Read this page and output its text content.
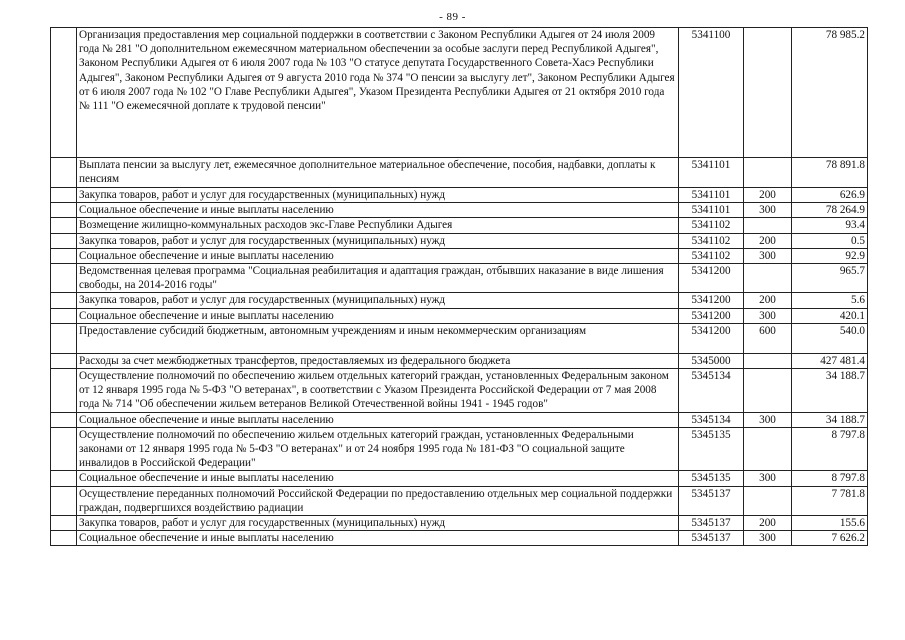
- 89 -
	Организация предоставления мер социальной поддержки в соответствии с Законом Республики Адыгея от 24 июля 2009 года № 281 "О дополнительном ежемесячном материальном обеспечении за особые заслуги перед Республикой Адыгея", Законом Республики Адыгея от 6 июля 2007 года № 103 "О статусе депутата Государственного Совета-Хасэ Республики Адыгея", Законом Республики Адыгея от 9 августа 2010 года № 374 "О пенсии за выслугу лет", Законом Республики Адыгея от 6 июля 2007 года № 102 "О Главе Республики Адыгея", Указом Президента Республики Адыгея от 21 октября 2010 года № 111 "О ежемесячной доплате к трудовой пенсии"	5341100		78 985.2
	Выплата пенсии за выслугу лет, ежемесячное дополнительное материальное обеспечение, пособия, надбавки, доплаты к пенсиям	5341101		78 891.8
	Закупка товаров, работ и услуг для государственных (муниципальных) нужд	5341101	200	626.9
	Социальное обеспечение и иные выплаты населению	5341101	300	78 264.9
	Возмещение жилищно-коммунальных расходов экс-Главе Республики Адыгея	5341102		93.4
	Закупка товаров, работ и услуг для государственных (муниципальных) нужд	5341102	200	0.5
	Социальное обеспечение и иные выплаты населению	5341102	300	92.9
	Ведомственная целевая программа "Социальная реабилитация и адаптация граждан, отбывших наказание в виде лишения свободы, на 2014-2016 годы"	5341200		965.7
	Закупка товаров, работ и услуг для государственных (муниципальных) нужд	5341200	200	5.6
	Социальное обеспечение и иные выплаты населению	5341200	300	420.1
	Предоставление субсидий бюджетным, автономным учреждениям и иным некоммерческим организациям	5341200	600	540.0
	Расходы за счет межбюджетных трансфертов, предоставляемых из федерального бюджета	5345000		427 481.4
	Осуществление полномочий по обеспечению жильем отдельных категорий граждан, установленных Федеральным законом от 12 января 1995 года № 5-ФЗ "О ветеранах", в соответствии с Указом Президента Российской Федерации от 7 мая 2008 года № 714 "Об обеспечении жильем ветеранов Великой Отечественной войны 1941 - 1945 годов"	5345134		34 188.7
	Социальное обеспечение и иные выплаты населению	5345134	300	34 188.7
	Осуществление полномочий по обеспечению жильем отдельных категорий граждан, установленных Федеральными законами от 12 января 1995 года № 5-ФЗ "О ветеранах" и от 24 ноября 1995 года № 181-ФЗ "О социальной защите инвалидов в Российской Федерации"	5345135		8 797.8
	Социальное обеспечение и иные выплаты населению	5345135	300	8 797.8
	Осуществление переданных полномочий Российской Федерации по предоставлению отдельных мер социальной поддержки граждан, подвергшихся воздействию радиации	5345137		7 781.8
	Закупка товаров, работ и услуг для государственных (муниципальных) нужд	5345137	200	155.6
	Социальное обеспечение и иные выплаты населению	5345137	300	7 626.2
